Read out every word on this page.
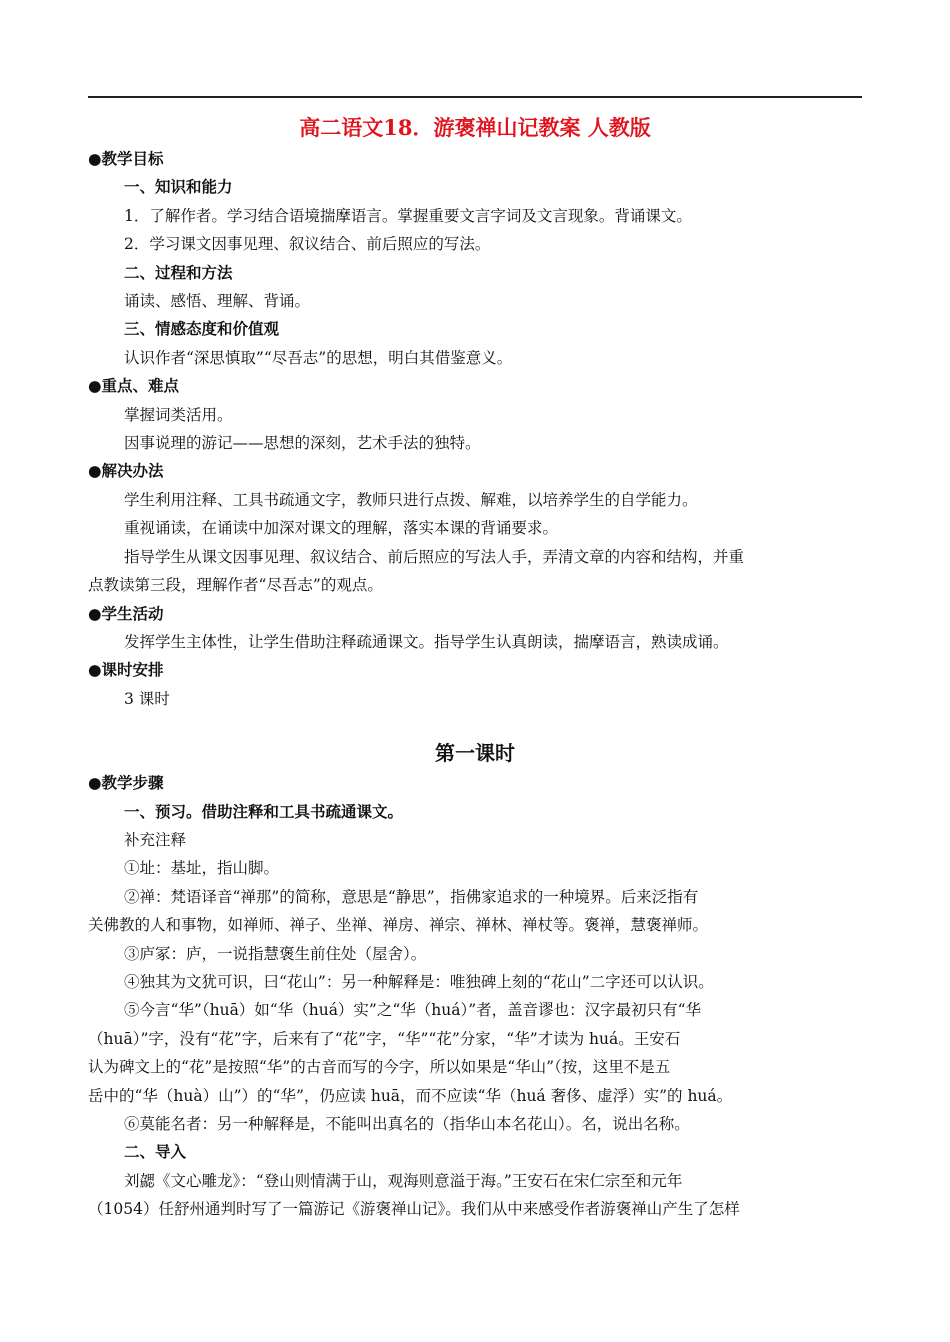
高二语文18．游褒禅山记教案 人教版

●教学目标

一、知识和能力

1．了解作者。学习结合语境揣摩语言。掌握重要文言字词及文言现象。背诵课文。

2．学习课文因事见理、叙议结合、前后照应的写法。

二、过程和方法

诵读、感悟、理解、背诵。

三、情感态度和价值观

认识作者“深思慎取”“尽吾志”的思想，明白其借鉴意义。

●重点、难点

掌握词类活用。

因事说理的游记——思想的深刻，艺术手法的独特。

●解决办法

学生利用注释、工具书疏通文字，教师只进行点拨、解难，以培养学生的自学能力。

重视诵读，在诵读中加深对课文的理解，落实本课的背诵要求。

指导学生从课文因事见理、叙议结合、前后照应的写法人手，弄清文章的内容和结构，并重

点教读第三段，理解作者“尽吾志”的观点。

●学生活动

发挥学生主体性，让学生借助注释疏通课文。指导学生认真朗读，揣摩语言，熟读成诵。

●课时安排

3 课时

第一课时

●教学步骤

一、预习。借助注释和工具书疏通课文。

补充注释

①址：基址，指山脚。

②禅：梵语译音“禅那”的简称，意思是“静思”，指佛家追求的一种境界。后来泛指有

关佛教的人和事物，如禅师、禅子、坐禅、禅房、禅宗、禅林、禅杖等。褒禅，慧褒禅师。

③庐冢：庐，一说指慧褒生前住处（屋舍）。

④独其为文犹可识，曰“花山”：另一种解释是：唯独碑上刻的“花山”二字还可以认识。

⑤今言“华”（huā）如“华（huá）实”之“华（huá）”者，盖音谬也：汉字最初只有“华

（huā）”字，没有“花”字，后来有了“花”字，“华”“花”分家，“华”才读为 huá。王安石

认为碑文上的“花”是按照“华”的古音而写的今字，所以如果是“华山”（按，这里不是五

岳中的“华（huà）山”）的“华”，仍应读 huā，而不应读“华（huá 奢侈、虚浮）实”的 huá。

⑥莫能名者：另一种解释是，不能叫出真名的（指华山本名花山）。名，说出名称。

二、导入

刘勰《文心雕龙》：“登山则情满于山，观海则意溢于海。”王安石在宋仁宗至和元年

（1054）任舒州通判时写了一篇游记《游褒禅山记》。我们从中来感受作者游褒禅山产生了怎样
